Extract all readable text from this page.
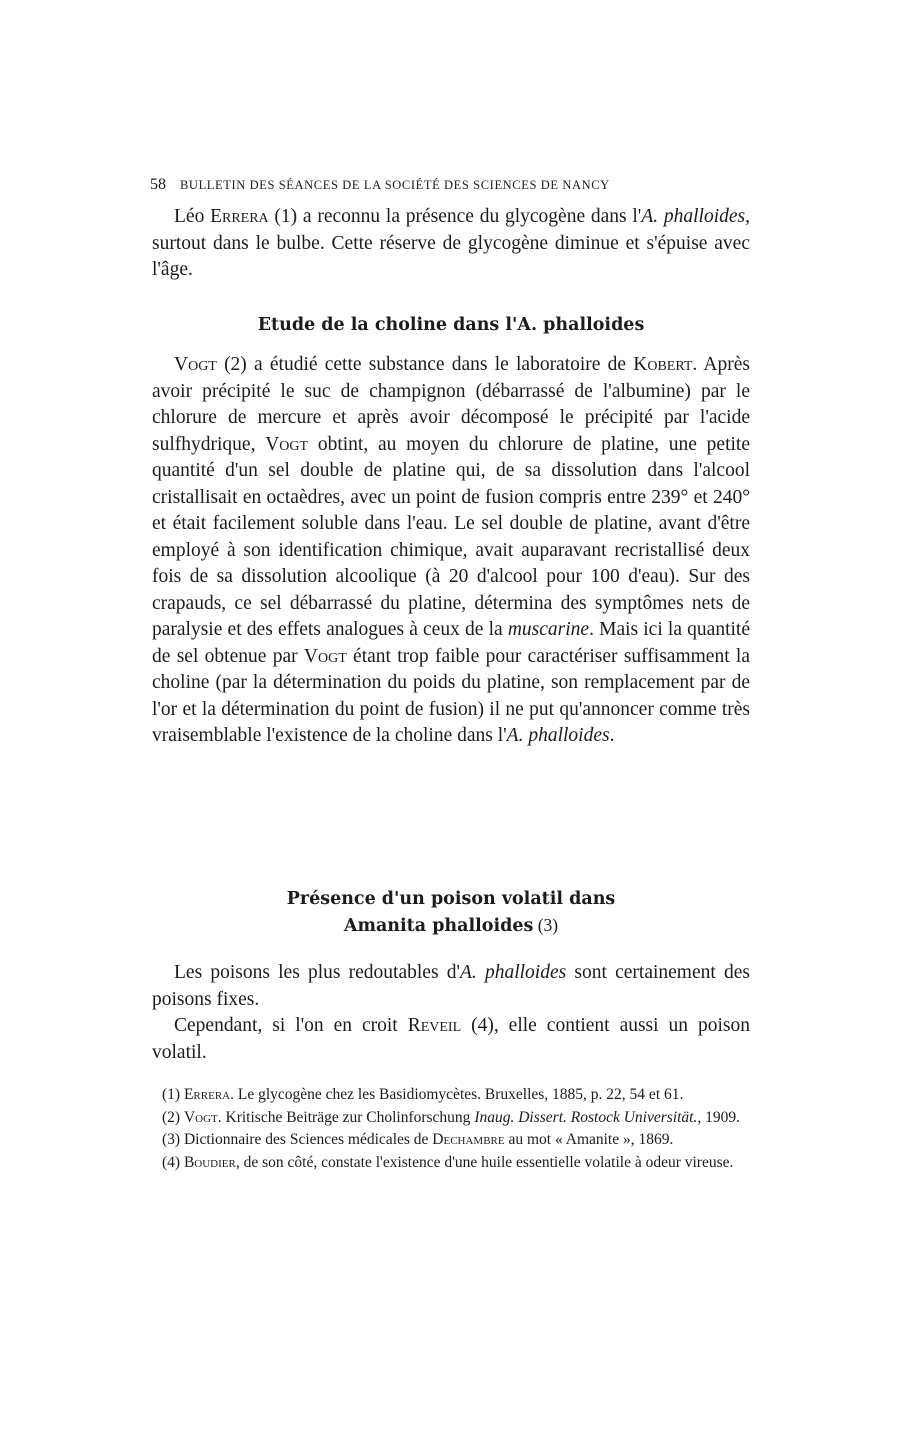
58 BULLETIN DES SÉANCES DE LA SOCIÉTÉ DES SCIENCES DE NANCY

Léo Errera (1) a reconnu la présence du glycogène dans l'A. phalloides, surtout dans le bulbe. Cette réserve de glycogène diminue et s'épuise avec l'âge.

Etude de la choline dans l'A. phalloides

Vogt (2) a étudié cette substance dans le laboratoire de Kobert. Après avoir précipité le suc de champignon (débarrassé de l'albumine) par le chlorure de mercure et après avoir décomposé le précipité par l'acide sulfhydrique, Vogt obtint, au moyen du chlorure de platine, une petite quantité d'un sel double de platine qui, de sa dissolution dans l'alcool cristallisait en octaèdres, avec un point de fusion compris entre 239° et 240° et était facilement soluble dans l'eau. Le sel double de platine, avant d'être employé à son identification chimique, avait auparavant recristallisé deux fois de sa dissolution alcoolique (à 20 d'alcool pour 100 d'eau). Sur des crapauds, ce sel débarrassé du platine, détermina des symptômes nets de paralysie et des effets analogues à ceux de la muscarine. Mais ici la quantité de sel obtenue par Vogt étant trop faible pour caractériser suffisamment la choline (par la détermination du poids du platine, son remplacement par de l'or et la détermination du point de fusion) il ne put qu'annoncer comme très vraisemblable l'existence de la choline dans l'A. phalloides.

Présence d'un poison volatil dans
Amanita phalloides (3)

Les poisons les plus redoutables d'A. phalloides sont certainement des poisons fixes.

Cependant, si l'on en croit Reveil (4), elle contient aussi un poison volatil.

(1) Errera. Le glycogène chez les Basidiomycètes. Bruxelles, 1885, p. 22, 54 et 61.

(2) Vogt. Kritische Beiträge zur Cholinforschung Inaug. Dissert. Rostock Universität., 1909.

(3) Dictionnaire des Sciences médicales de Dechambre au mot « Amanite », 1869.

(4) Boudier, de son côté, constate l'existence d'une huile essentielle volatile à odeur vireuse.
